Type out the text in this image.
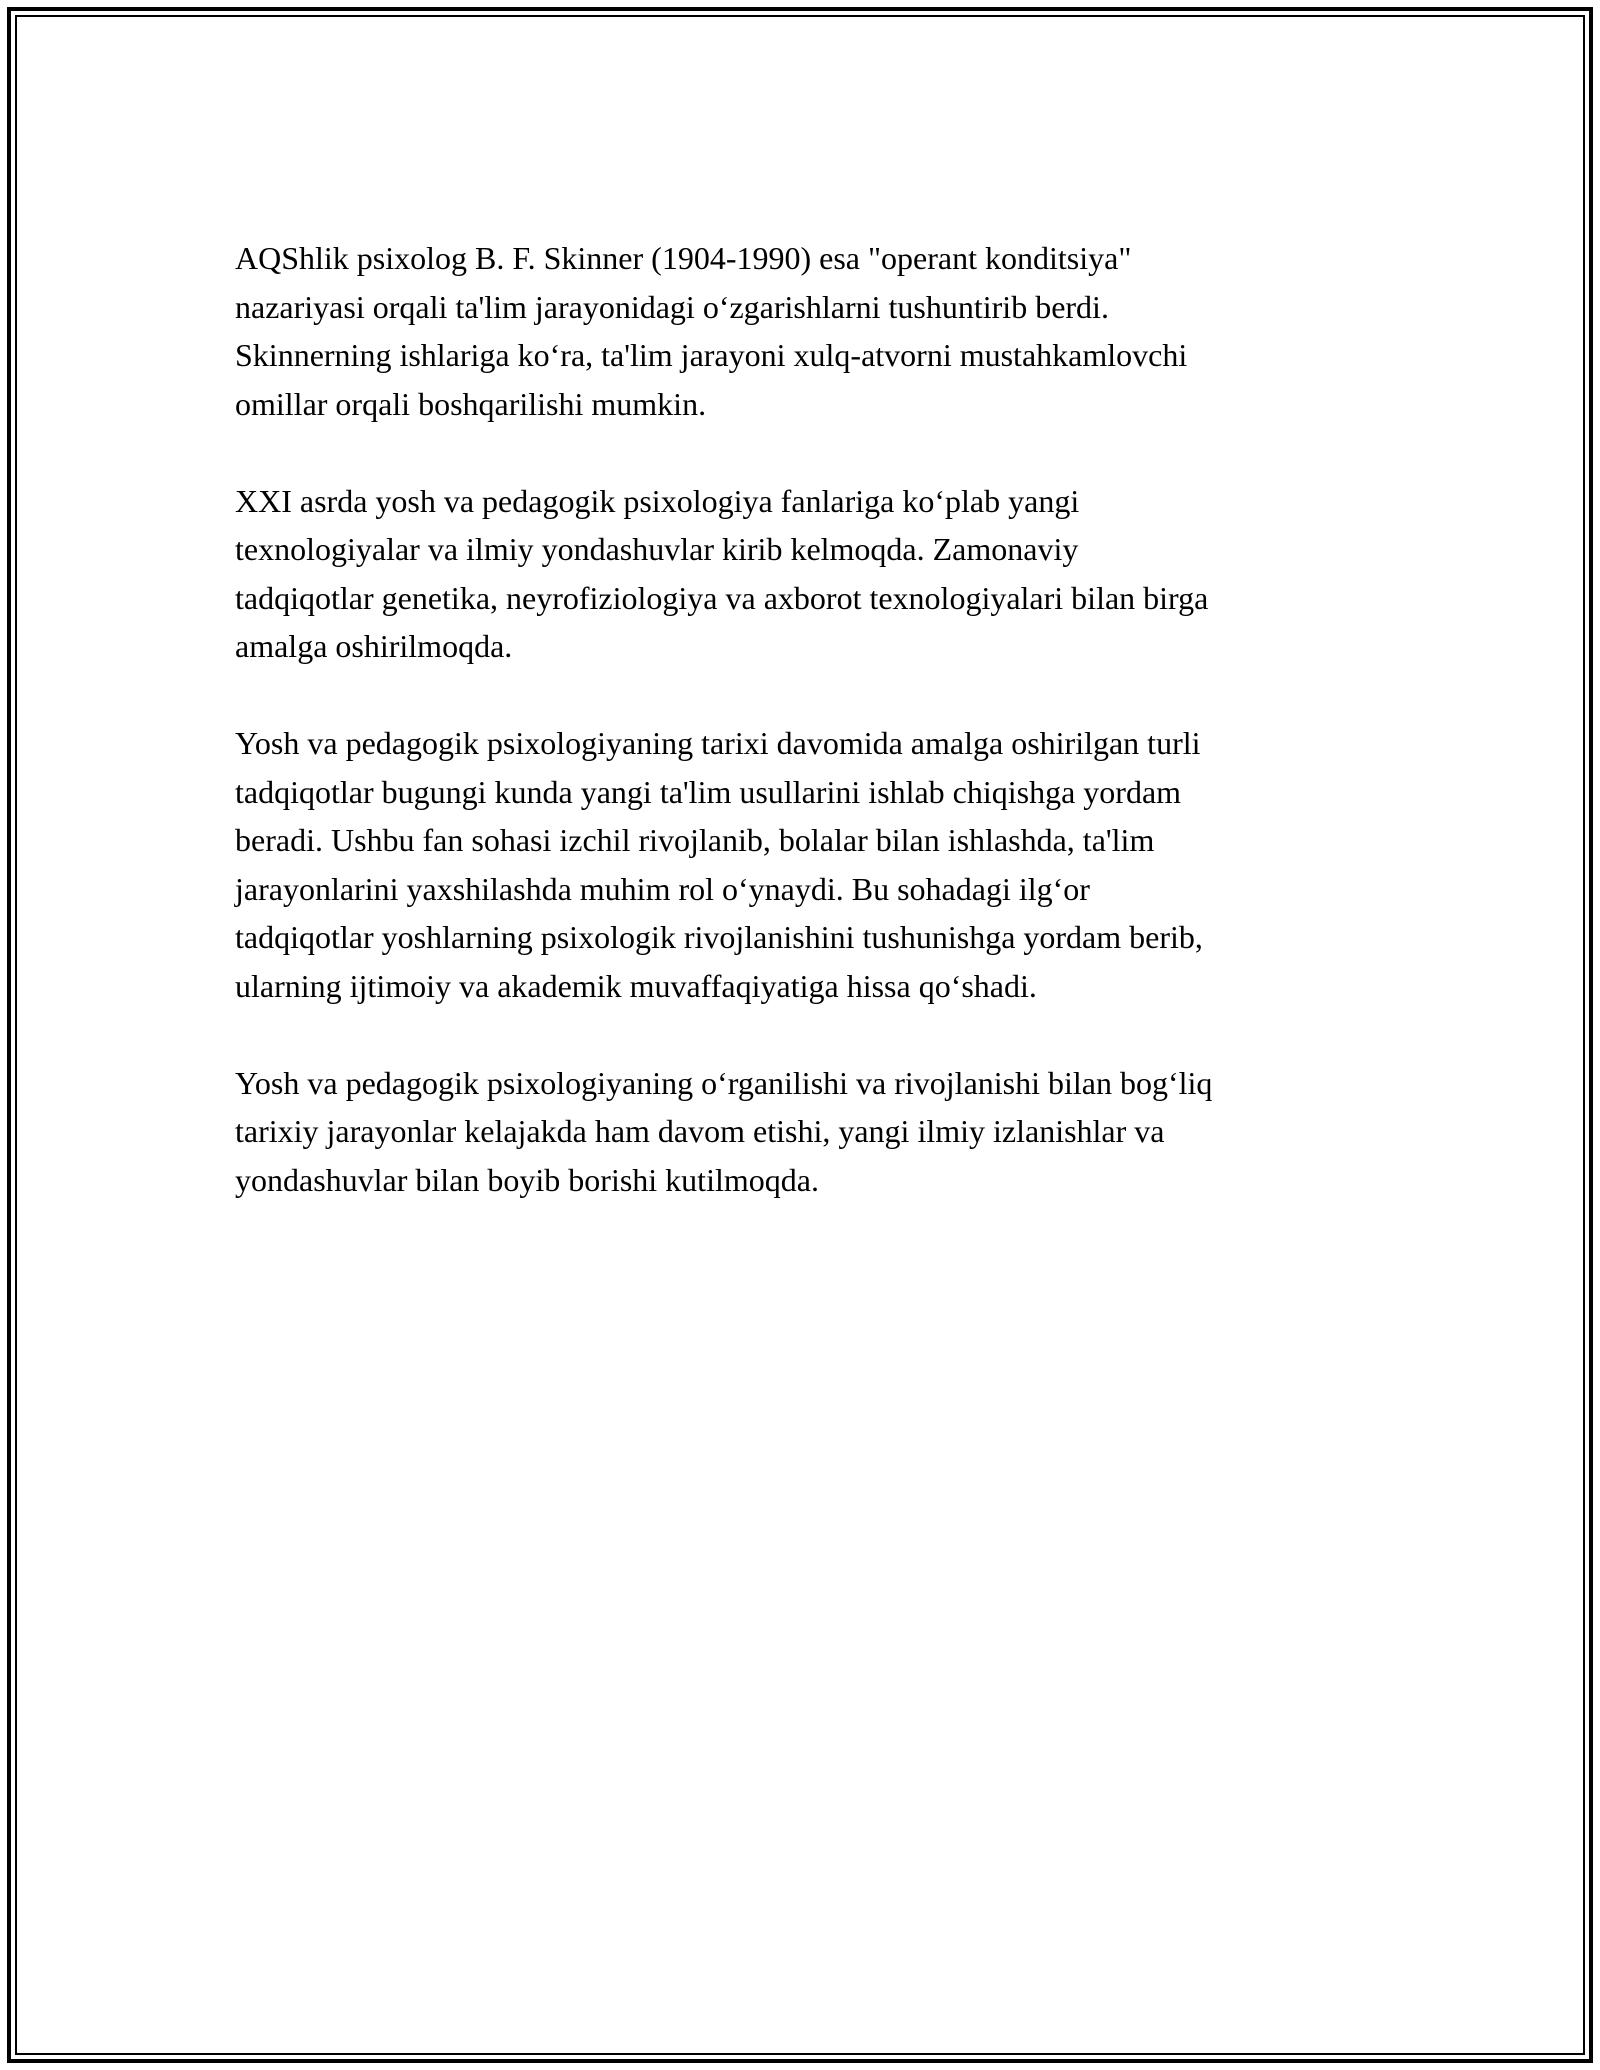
AQShlik psixolog B. F. Skinner (1904-1990) esa "operant konditsiya"
nazariyasi orqali ta'lim jarayonidagi o‘zgarishlarni tushuntirib berdi.
Skinnerning ishlariga ko‘ra, ta'lim jarayoni xulq-atvorni mustahkamlovchi
omillar orqali boshqarilishi mumkin.

XXI asrda yosh va pedagogik psixologiya fanlariga ko‘plab yangi
texnologiyalar va ilmiy yondashuvlar kirib kelmoqda. Zamonaviy
tadqiqotlar genetika, neyrofiziologiya va axborot texnologiyalari bilan birga
amalga oshirilmoqda.

Yosh va pedagogik psixologiyaning tarixi davomida amalga oshirilgan turli
tadqiqotlar bugungi kunda yangi ta'lim usullarini ishlab chiqishga yordam
beradi. Ushbu fan sohasi izchil rivojlanib, bolalar bilan ishlashda, ta'lim
jarayonlarini yaxshilashda muhim rol o‘ynaydi. Bu sohadagi ilg‘or
tadqiqotlar yoshlarning psixologik rivojlanishini tushunishga yordam berib,
ularning ijtimoiy va akademik muvaffaqiyatiga hissa qo‘shadi.

Yosh va pedagogik psixologiyaning o‘rganilishi va rivojlanishi bilan bog‘liq
tarixiy jarayonlar kelajakda ham davom etishi, yangi ilmiy izlanishlar va
yondashuvlar bilan boyib borishi kutilmoqda.
